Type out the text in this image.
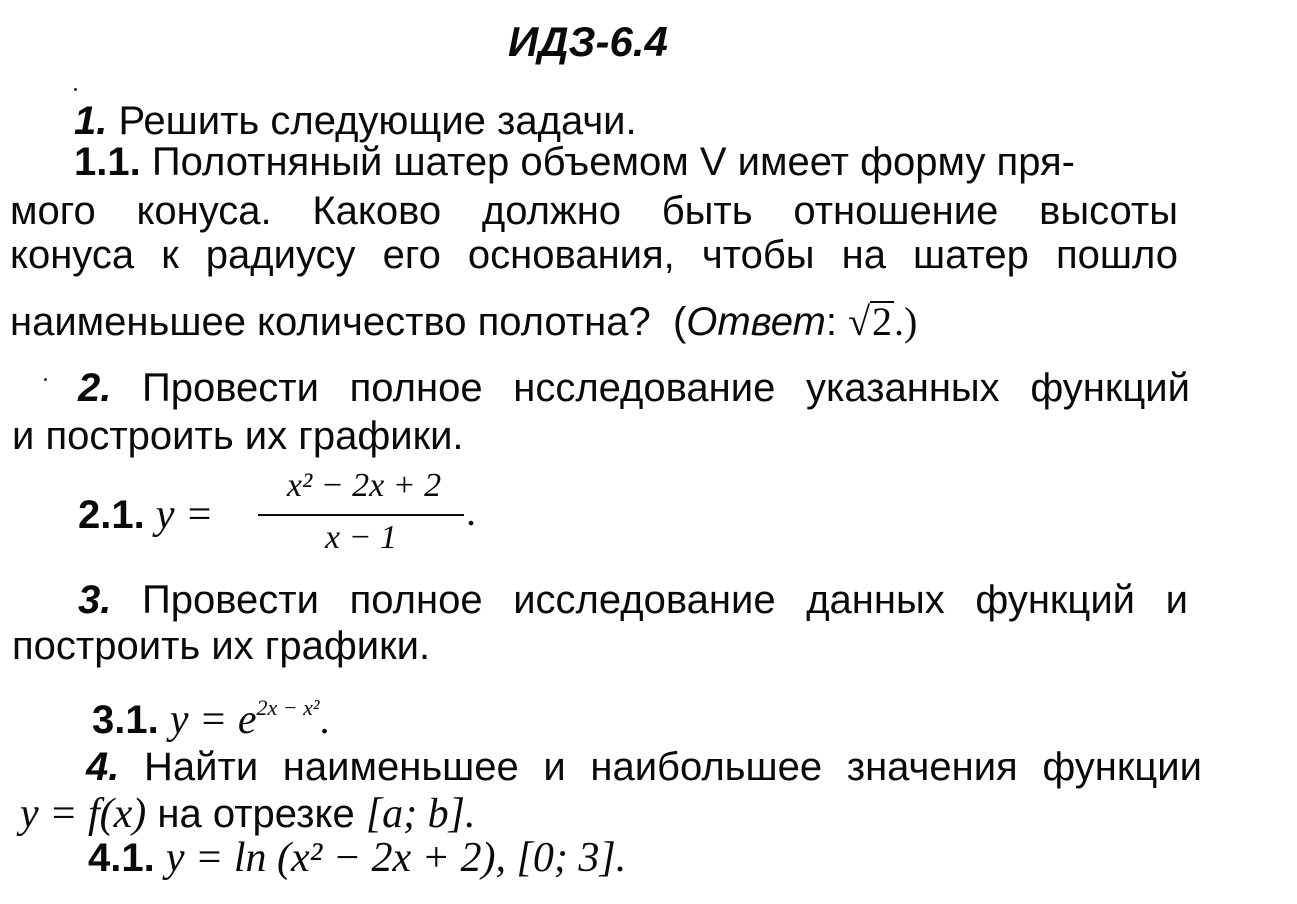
ИДЗ-6.4
1. Решить следующие задачи.
1.1. Полотняный шатер объемом V имеет форму пря-
мого конуса. Каково должно быть отношение высоты
конуса к радиусу его основания, чтобы на шатер пошло
наименьшее количество полотна?  (Ответ: √2.)
2. Провести полное нсследование указанных функций
и построить их графики.
2.1. y =
x² − 2x + 2
x − 1
.
3. Провести полное исследование данных функций и
построить их графики.
3.1. $y = e^{2x - x^2}$.
4. Найти наименьшее и наибольшее значения функции
y = f(x) на отрезке [a; b].
4.1. y = ln (x² − 2x + 2), [0; 3].
